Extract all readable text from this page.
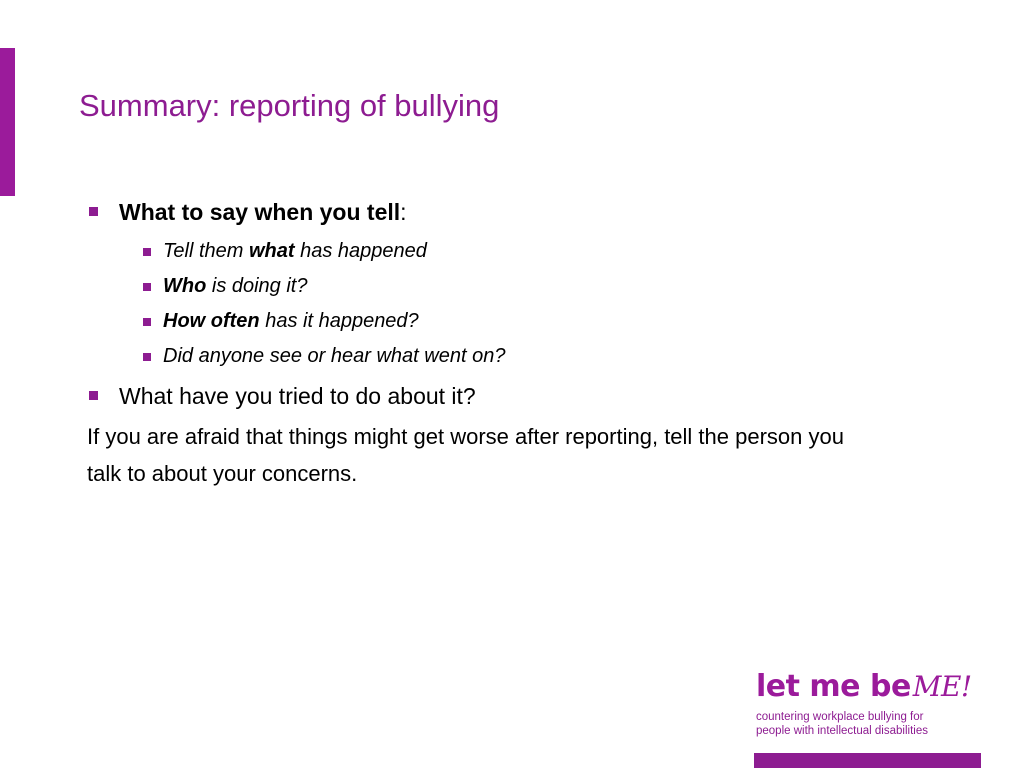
Summary: reporting of bullying
What to say when you tell:
Tell them what has happened
Who is doing it?
How often has it happened?
Did anyone see or hear what went on?
What have you tried to do about it?

If you are afraid that things might get worse after reporting, tell the person you talk to about your concerns.

let me beME!
countering workplace bullying for
people with intellectual disabilities
